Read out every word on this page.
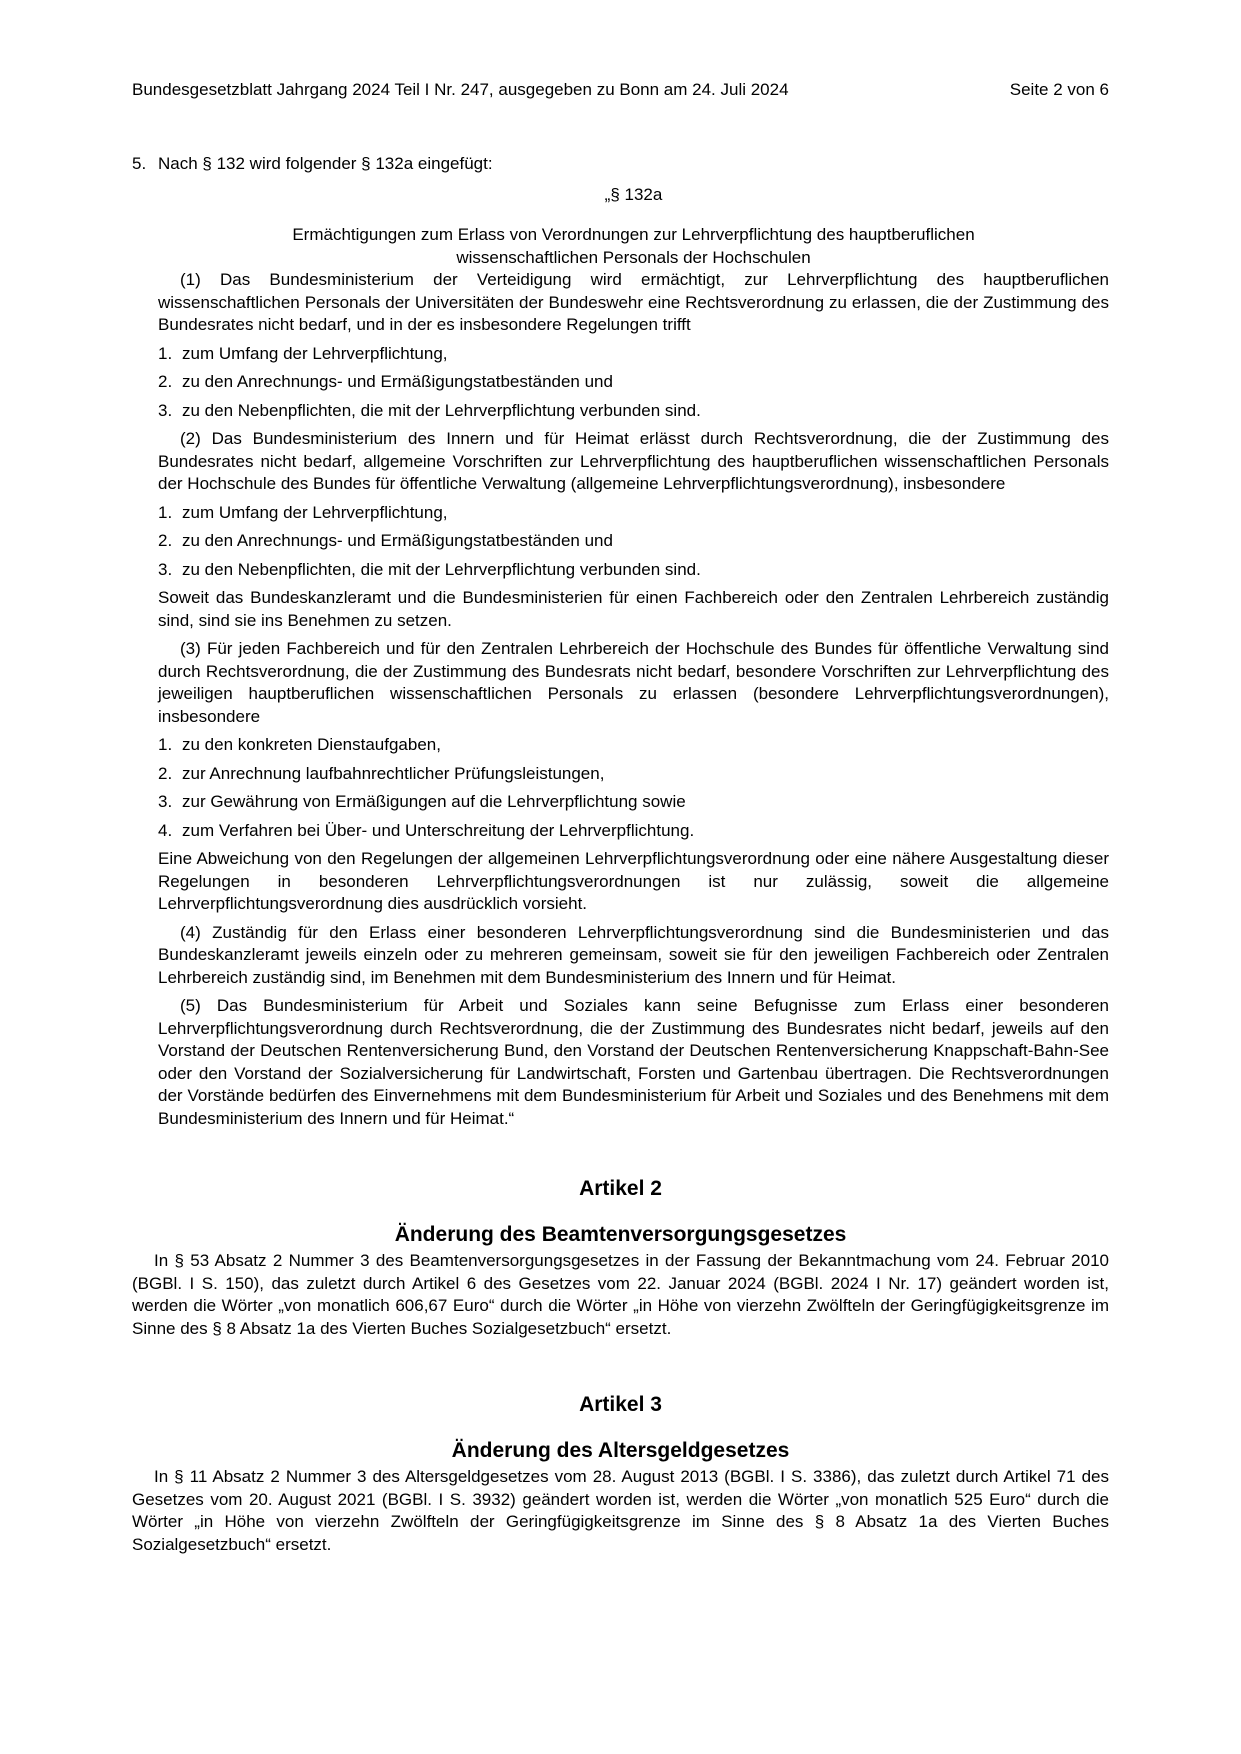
Bundesgesetzblatt Jahrgang 2024 Teil I Nr. 247, ausgegeben zu Bonn am 24. Juli 2024	Seite 2 von 6
5. Nach § 132 wird folgender § 132a eingefügt:
„§ 132a
Ermächtigungen zum Erlass von Verordnungen zur Lehrverpflichtung des hauptberuflichen
wissenschaftlichen Personals der Hochschulen
(1) Das Bundesministerium der Verteidigung wird ermächtigt, zur Lehrverpflichtung des hauptberuflichen wissenschaftlichen Personals der Universitäten der Bundeswehr eine Rechtsverordnung zu erlassen, die der Zustimmung des Bundesrates nicht bedarf, und in der es insbesondere Regelungen trifft
1. zum Umfang der Lehrverpflichtung,
2. zu den Anrechnungs- und Ermäßigungstatbeständen und
3. zu den Nebenpflichten, die mit der Lehrverpflichtung verbunden sind.
(2) Das Bundesministerium des Innern und für Heimat erlässt durch Rechtsverordnung, die der Zustimmung des Bundesrates nicht bedarf, allgemeine Vorschriften zur Lehrverpflichtung des hauptberuflichen wissenschaftlichen Personals der Hochschule des Bundes für öffentliche Verwaltung (allgemeine Lehrverpflichtungsverordnung), insbesondere
1. zum Umfang der Lehrverpflichtung,
2. zu den Anrechnungs- und Ermäßigungstatbeständen und
3. zu den Nebenpflichten, die mit der Lehrverpflichtung verbunden sind.
Soweit das Bundeskanzleramt und die Bundesministerien für einen Fachbereich oder den Zentralen Lehrbereich zuständig sind, sind sie ins Benehmen zu setzen.
(3) Für jeden Fachbereich und für den Zentralen Lehrbereich der Hochschule des Bundes für öffentliche Verwaltung sind durch Rechtsverordnung, die der Zustimmung des Bundesrats nicht bedarf, besondere Vorschriften zur Lehrverpflichtung des jeweiligen hauptberuflichen wissenschaftlichen Personals zu erlassen (besondere Lehrverpflichtungsverordnungen), insbesondere
1. zu den konkreten Dienstaufgaben,
2. zur Anrechnung laufbahnrechtlicher Prüfungsleistungen,
3. zur Gewährung von Ermäßigungen auf die Lehrverpflichtung sowie
4. zum Verfahren bei Über- und Unterschreitung der Lehrverpflichtung.
Eine Abweichung von den Regelungen der allgemeinen Lehrverpflichtungsverordnung oder eine nähere Ausgestaltung dieser Regelungen in besonderen Lehrverpflichtungsverordnungen ist nur zulässig, soweit die allgemeine Lehrverpflichtungsverordnung dies ausdrücklich vorsieht.
(4) Zuständig für den Erlass einer besonderen Lehrverpflichtungsverordnung sind die Bundesministerien und das Bundeskanzleramt jeweils einzeln oder zu mehreren gemeinsam, soweit sie für den jeweiligen Fachbereich oder Zentralen Lehrbereich zuständig sind, im Benehmen mit dem Bundesministerium des Innern und für Heimat.
(5) Das Bundesministerium für Arbeit und Soziales kann seine Befugnisse zum Erlass einer besonderen Lehrverpflichtungsverordnung durch Rechtsverordnung, die der Zustimmung des Bundesrates nicht bedarf, jeweils auf den Vorstand der Deutschen Rentenversicherung Bund, den Vorstand der Deutschen Rentenversicherung Knappschaft-Bahn-See oder den Vorstand der Sozialversicherung für Landwirtschaft, Forsten und Gartenbau übertragen. Die Rechtsverordnungen der Vorstände bedürfen des Einvernehmens mit dem Bundesministerium für Arbeit und Soziales und des Benehmens mit dem Bundesministerium des Innern und für Heimat.“
Artikel 2
Änderung des Beamtenversorgungsgesetzes
In § 53 Absatz 2 Nummer 3 des Beamtenversorgungsgesetzes in der Fassung der Bekanntmachung vom 24. Februar 2010 (BGBl. I S. 150), das zuletzt durch Artikel 6 des Gesetzes vom 22. Januar 2024 (BGBl. 2024 I Nr. 17) geändert worden ist, werden die Wörter „von monatlich 606,67 Euro“ durch die Wörter „in Höhe von vierzehn Zwölfteln der Geringfügigkeitsgrenze im Sinne des § 8 Absatz 1a des Vierten Buches Sozialgesetzbuch“ ersetzt.
Artikel 3
Änderung des Altersgeldgesetzes
In § 11 Absatz 2 Nummer 3 des Altersgeldgesetzes vom 28. August 2013 (BGBl. I S. 3386), das zuletzt durch Artikel 71 des Gesetzes vom 20. August 2021 (BGBl. I S. 3932) geändert worden ist, werden die Wörter „von monatlich 525 Euro“ durch die Wörter „in Höhe von vierzehn Zwölfteln der Geringfügigkeitsgrenze im Sinne des § 8 Absatz 1a des Vierten Buches Sozialgesetzbuch“ ersetzt.
